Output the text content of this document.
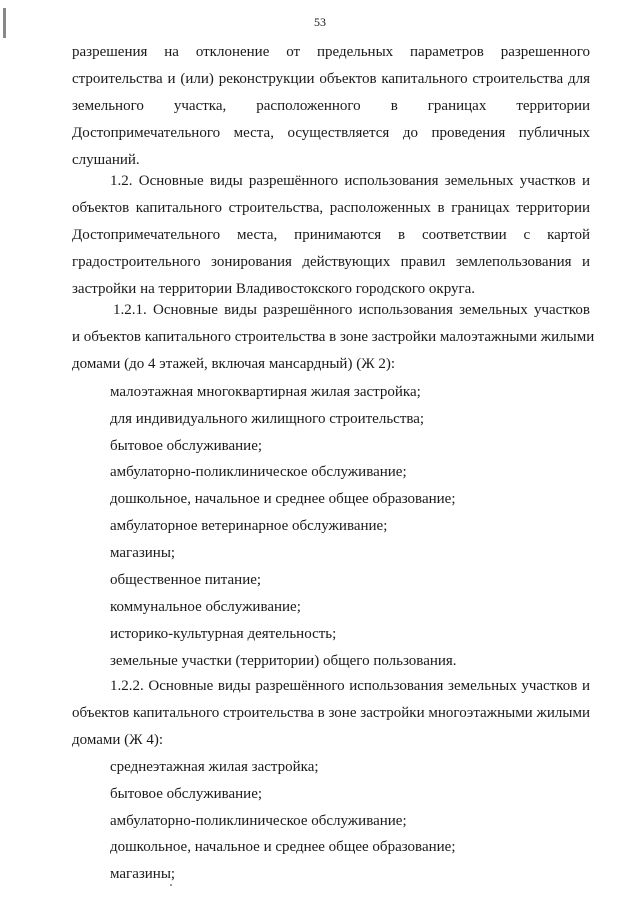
53
разрешения на отклонение от предельных параметров разрешенного
строительства и (или) реконструкции объектов капитального строительства для
земельного участка, расположенного в границах территории
Достопримечательного места, осуществляется до проведения публичных
слушаний.
1.2. Основные виды разрешённого использования земельных участков и
объектов капитального строительства, расположенных в границах территории
Достопримечательного места, принимаются в соответствии с картой
градостроительного зонирования действующих правил землепользования и
застройки на территории Владивостокского городского округа.
1.2.1. Основные виды разрешённого использования земельных участков
и объектов капитального строительства в зоне застройки малоэтажными жилыми
домами (до 4 этажей, включая мансардный) (Ж 2):
малоэтажная многоквартирная жилая застройка;
для индивидуального жилищного строительства;
бытовое обслуживание;
амбулаторно-поликлиническое обслуживание;
дошкольное, начальное и среднее общее образование;
амбулаторное ветеринарное обслуживание;
магазины;
общественное питание;
коммунальное обслуживание;
историко-культурная деятельность;
земельные участки (территории) общего пользования.
1.2.2. Основные виды разрешённого использования земельных участков и
объектов капитального строительства в зоне застройки многоэтажными жилыми
домами (Ж 4):
среднеэтажная жилая застройка;
бытовое обслуживание;
амбулаторно-поликлиническое обслуживание;
дошкольное, начальное и среднее общее образование;
магазины;
